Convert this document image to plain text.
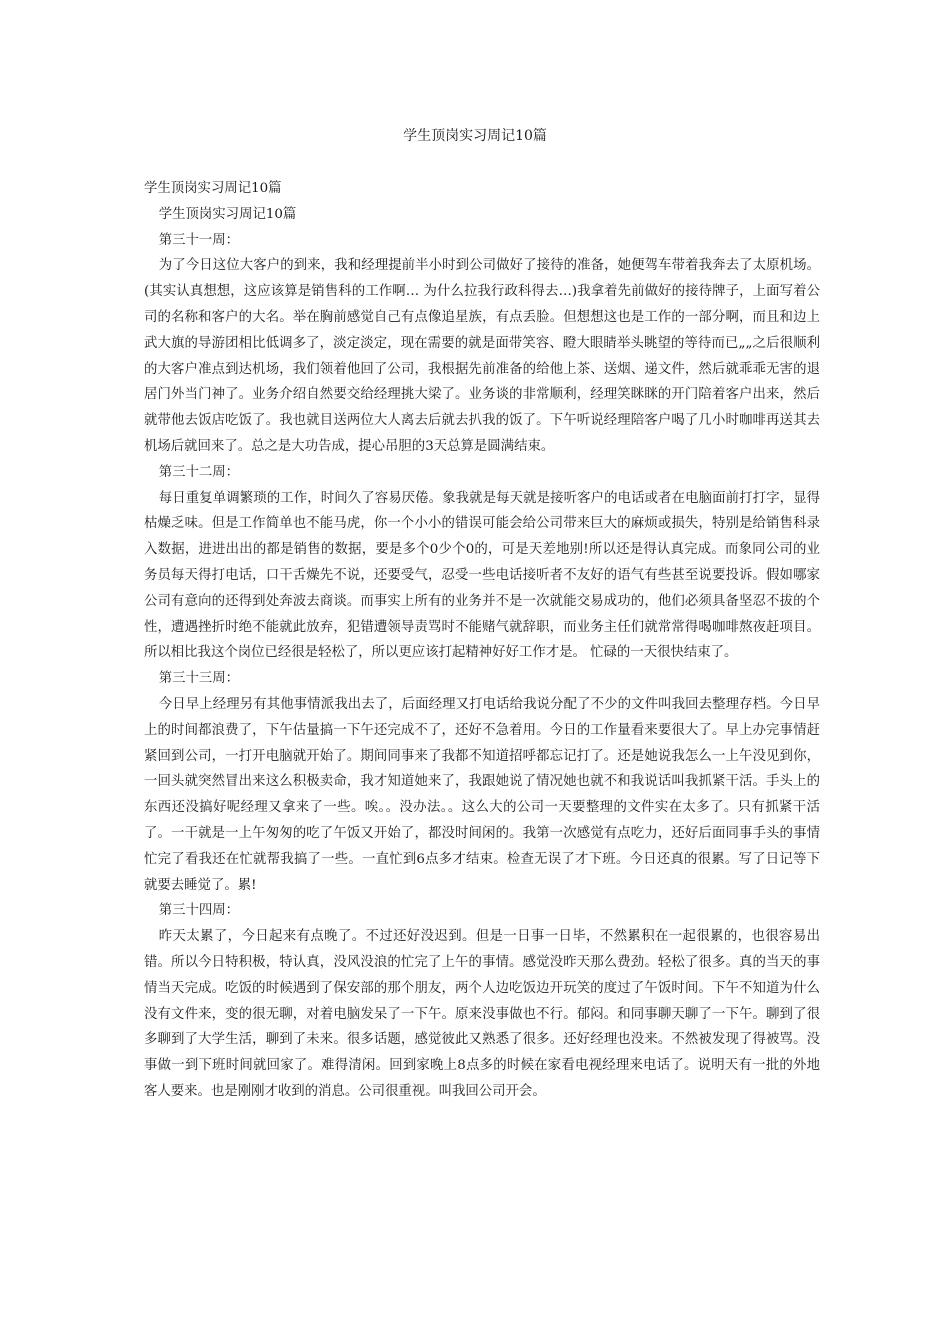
学生顶岗实习周记10篇

学生顶岗实习周记10篇

学生顶岗实习周记10篇

第三十一周：

为了今日这位大客户的到来，我和经理提前半小时到公司做好了接待的准备，她便驾车带着我奔去了太原机场。(其实认真想想，这应该算是销售科的工作啊… 为什么拉我行政科得去…)我拿着先前做好的接待牌子，上面写着公司的名称和客户的大名。举在胸前感觉自己有点像追星族，有点丢脸。但想想这也是工作的一部分啊，而且和边上武大旗的导游团相比低调多了，淡定淡定，现在需要的就是面带笑容、瞪大眼睛举头眺望的等待而已„„之后很顺利的大客户准点到达机场，我们领着他回了公司，我根据先前准备的给他上茶、送烟、递文件，然后就乖乖无害的退居门外当门神了。业务介绍自然要交给经理挑大梁了。业务谈的非常顺利，经理笑眯眯的开门陪着客户出来，然后就带他去饭店吃饭了。我也就目送两位大人离去后就去扒我的饭了。下午听说经理陪客户喝了几小时咖啡再送其去机场后就回来了。总之是大功告成，提心吊胆的3天总算是圆满结束。

第三十二周：

每日重复单调繁琐的工作，时间久了容易厌倦。象我就是每天就是接听客户的电话或者在电脑面前打打字，显得枯燥乏味。但是工作简单也不能马虎，你一个小小的错误可能会给公司带来巨大的麻烦或损失，特别是给销售科录入数据，进进出出的都是销售的数据，要是多个0少个0的，可是天差地别!所以还是得认真完成。而象同公司的业务员每天得打电话，口干舌燥先不说，还要受气，忍受一些电话接听者不友好的语气有些甚至说要投诉。假如哪家公司有意向的还得到处奔波去商谈。而事实上所有的业务并不是一次就能交易成功的，他们必须具备坚忍不拔的个性，遭遇挫折时绝不能就此放弃，犯错遭领导责骂时不能赌气就辞职，而业务主任们就常常得喝咖啡熬夜赶项目。所以相比我这个岗位已经很是轻松了，所以更应该打起精神好好工作才是。 忙碌的一天很快结束了。

第三十三周：

今日早上经理另有其他事情派我出去了，后面经理又打电话给我说分配了不少的文件叫我回去整理存档。今日早上的时间都浪费了，下午估量搞一下午还完成不了，还好不急着用。今日的工作量看来要很大了。早上办完事情赶紧回到公司，一打开电脑就开始了。期间同事来了我都不知道招呼都忘记打了。还是她说我怎么一上午没见到你，一回头就突然冒出来这么积极卖命，我才知道她来了，我跟她说了情况她也就不和我说话叫我抓紧干活。手头上的东西还没搞好呢经理又拿来了一些。唉。。没办法。。这么大的公司一天要整理的文件实在太多了。只有抓紧干活了。一干就是一上午匆匆的吃了午饭又开始了，都没时间闲的。我第一次感觉有点吃力，还好后面同事手头的事情忙完了看我还在忙就帮我搞了一些。一直忙到6点多才结束。检查无误了才下班。今日还真的很累。写了日记等下就要去睡觉了。累!

第三十四周：

昨天太累了，今日起来有点晚了。不过还好没迟到。但是一日事一日毕，不然累积在一起很累的，也很容易出错。所以今日特积极，特认真，没风没浪的忙完了上午的事情。感觉没昨天那么费劲。轻松了很多。真的当天的事情当天完成。吃饭的时候遇到了保安部的那个朋友，两个人边吃饭边开玩笑的度过了午饭时间。下午不知道为什么没有文件来，变的很无聊，对着电脑发呆了一下午。原来没事做也不行。郁闷。和同事聊天聊了一下午。聊到了很多聊到了大学生活，聊到了未来。很多话题，感觉彼此又熟悉了很多。还好经理也没来。不然被发现了得被骂。没事做一到下班时间就回家了。难得清闲。回到家晚上8点多的时候在家看电视经理来电话了。说明天有一批的外地客人要来。也是刚刚才收到的消息。公司很重视。叫我回公司开会。
